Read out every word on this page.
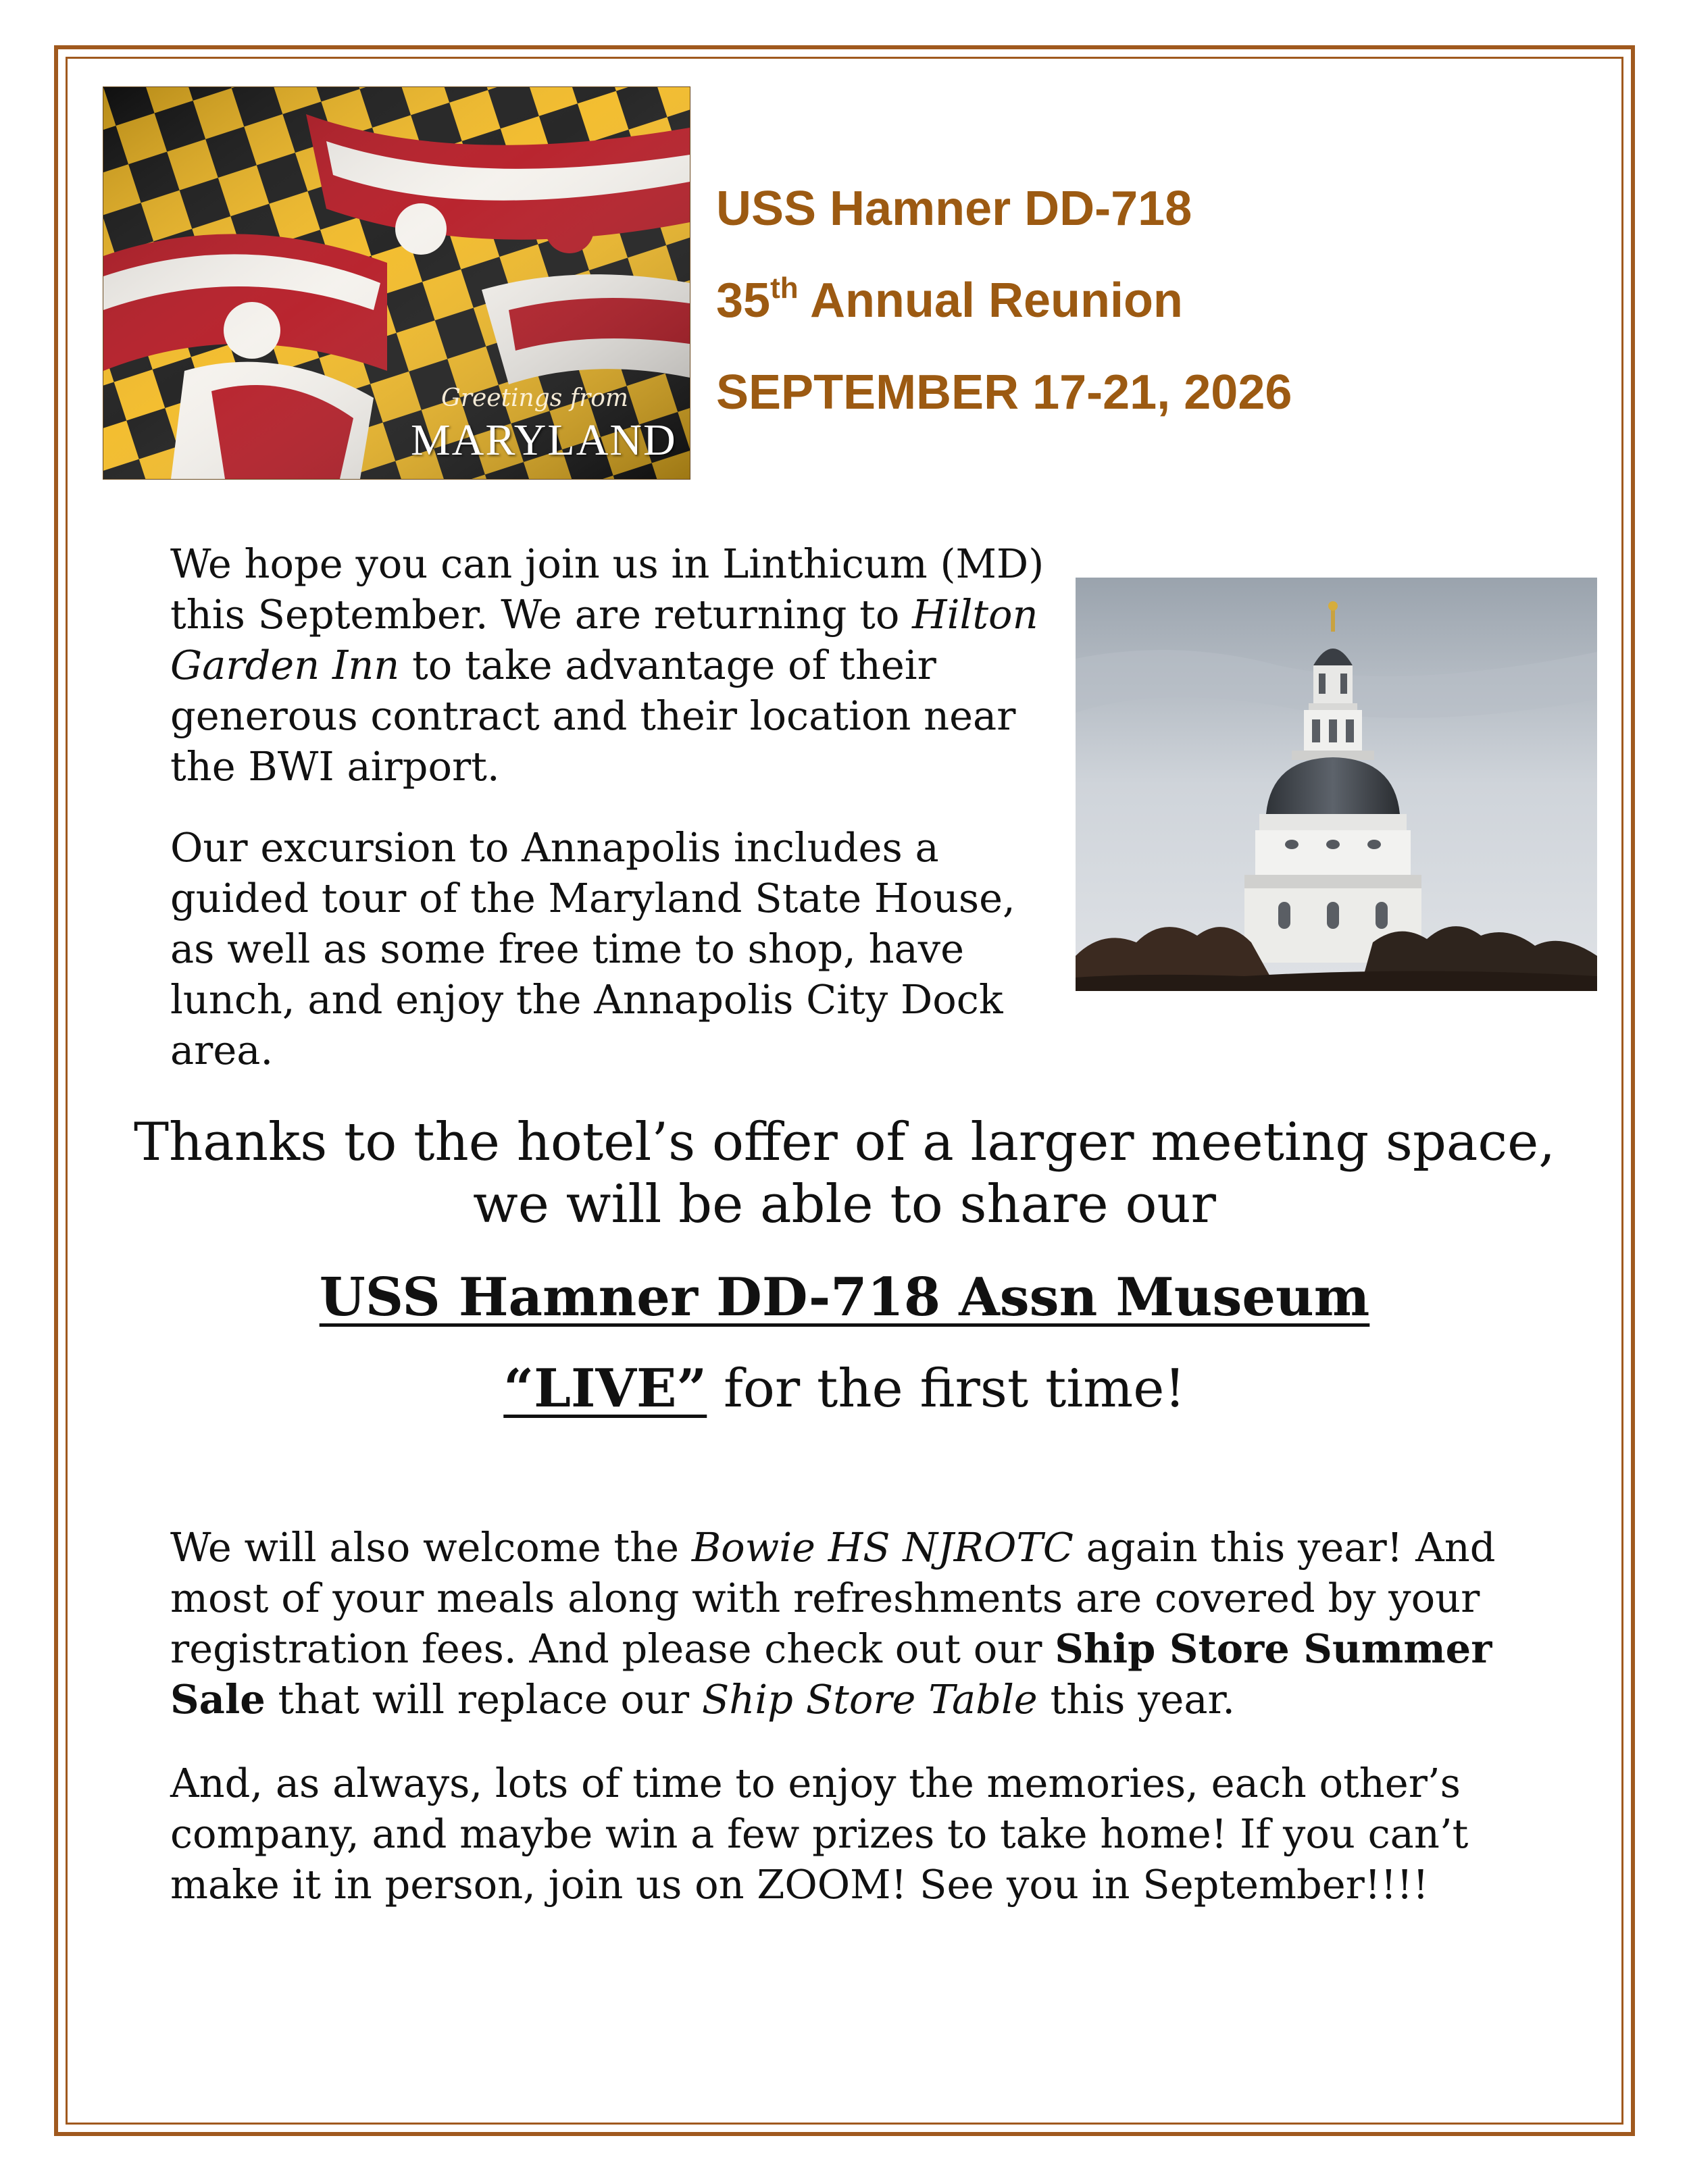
Greetings from
MARYLAND
USS Hamner DD-718
35th Annual Reunion
SEPTEMBER 17-21, 2026

We hope you can join us in Linthicum (MD) this September. We are returning to Hilton Garden Inn to take advantage of their generous contract and their location near the BWI airport.

Our excursion to Annapolis includes a guided tour of the Maryland State House, as well as some free time to shop, have lunch, and enjoy the Annapolis City Dock area.

Thanks to the hotel’s offer of a larger meeting space,
we will be able to share our
USS Hamner DD-718 Assn Museum
“LIVE” for the first time!

We will also welcome the Bowie HS NJROTC again this year! And most of your meals along with refreshments are covered by your registration fees. And please check out our Ship Store Summer Sale that will replace our Ship Store Table this year.

And, as always, lots of time to enjoy the memories, each other’s company, and maybe win a few prizes to take home! If you can’t make it in person, join us on ZOOM! See you in September!!!!
